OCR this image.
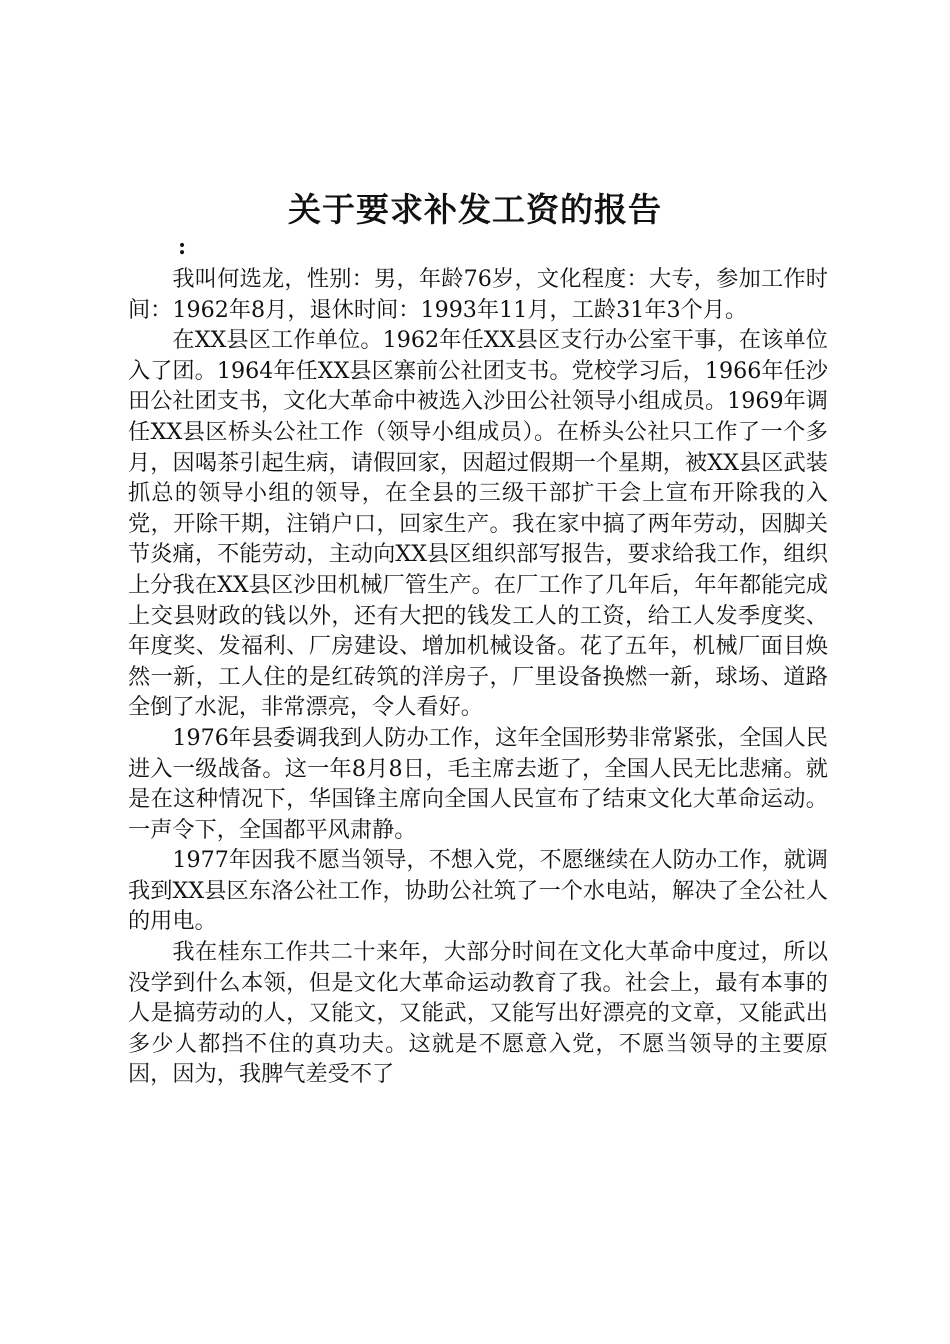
关于要求补发工资的报告
:

我叫何选龙，性别：男，年龄76岁，文化程度：大专，参加工作时间：1962年8月，退休时间：1993年11月，工龄31年3个月。

在XX县区工作单位。1962年任XX县区支行办公室干事，在该单位入了团。1964年任XX县区寨前公社团支书。党校学习后，1966年任沙田公社团支书，文化大革命中被选入沙田公社领导小组成员。1969年调任XX县区桥头公社工作（领导小组成员）。在桥头公社只工作了一个多月，因喝茶引起生病，请假回家，因超过假期一个星期，被XX县区武装抓总的领导小组的领导，在全县的三级干部扩干会上宣布开除我的入党，开除干期，注销户口，回家生产。我在家中搞了两年劳动，因脚关节炎痛，不能劳动，主动向XX县区组织部写报告，要求给我工作，组织上分我在XX县区沙田机械厂管生产。在厂工作了几年后，年年都能完成上交县财政的钱以外，还有大把的钱发工人的工资，给工人发季度奖、年度奖、发福利、厂房建设、增加机械设备。花了五年，机械厂面目焕然一新，工人住的是红砖筑的洋房子，厂里设备换燃一新，球场、道路全倒了水泥，非常漂亮，令人看好。

1976年县委调我到人防办工作，这年全国形势非常紧张，全国人民进入一级战备。这一年8月8日，毛主席去逝了，全国人民无比悲痛。就是在这种情况下，华国锋主席向全国人民宣布了结束文化大革命运动。一声令下，全国都平风肃静。

1977年因我不愿当领导，不想入党，不愿继续在人防办工作，就调我到XX县区东洛公社工作，协助公社筑了一个水电站，解决了全公社人的用电。

我在桂东工作共二十来年，大部分时间在文化大革命中度过，所以没学到什么本领，但是文化大革命运动教育了我。社会上，最有本事的人是搞劳动的人，又能文，又能武，又能写出好漂亮的文章，又能武出多少人都挡不住的真功夫。这就是不愿意入党，不愿当领导的主要原因，因为，我脾气差受不了
